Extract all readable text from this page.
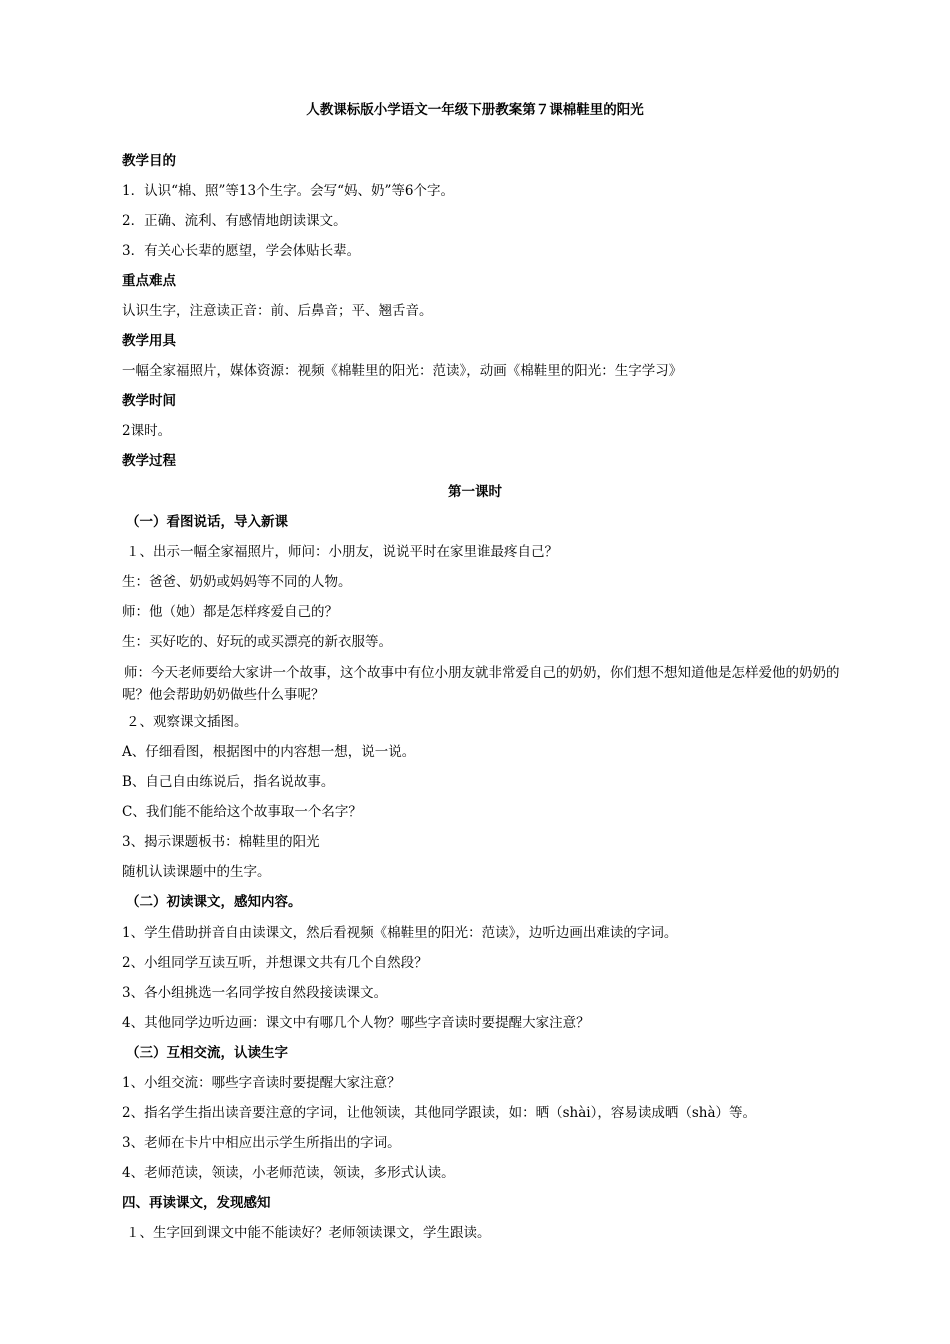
人教课标版小学语文一年级下册教案第７课棉鞋里的阳光
教学目的
1．认识“棉、照”等13个生字。会写“妈、奶”等6个字。
2．正确、流利、有感情地朗读课文。
3．有关心长辈的愿望，学会体贴长辈。
重点难点
认识生字，注意读正音：前、后鼻音；平、翘舌音。
教学用具
一幅全家福照片，媒体资源：视频《棉鞋里的阳光：范读》，动画《棉鞋里的阳光：生字学习》
教学时间
2课时。
教学过程
第一课时
（一）看图说话，导入新课
１、出示一幅全家福照片，师问：小朋友，说说平时在家里谁最疼自己？
生：爸爸、奶奶或妈妈等不同的人物。
师：他（她）都是怎样疼爱自己的？
生：买好吃的、好玩的或买漂亮的新衣服等。
师：今天老师要给大家讲一个故事，这个故事中有位小朋友就非常爱自己的奶奶，你们想不想知道他是怎样爱他的奶奶的呢？他会帮助奶奶做些什么事呢？
２、观察课文插图。
A、仔细看图，根据图中的内容想一想，说一说。
B、自己自由练说后，指名说故事。
C、我们能不能给这个故事取一个名字？
3、揭示课题板书：棉鞋里的阳光
随机认读课题中的生字。
（二）初读课文，感知内容。
1、学生借助拼音自由读课文，然后看视频《棉鞋里的阳光：范读》，边听边画出难读的字词。
2、小组同学互读互听，并想课文共有几个自然段？
3、各小组挑选一名同学按自然段接读课文。
4、其他同学边听边画：课文中有哪几个人物？哪些字音读时要提醒大家注意？
（三）互相交流，认读生字
1、小组交流：哪些字音读时要提醒大家注意？
2、指名学生指出读音要注意的字词，让他领读，其他同学跟读，如：晒（shài），容易读成晒（shà）等。
3、老师在卡片中相应出示学生所指出的字词。
4、老师范读，领读，小老师范读，领读，多形式认读。
四、再读课文，发现感知
１、生字回到课文中能不能读好？老师领读课文，学生跟读。
